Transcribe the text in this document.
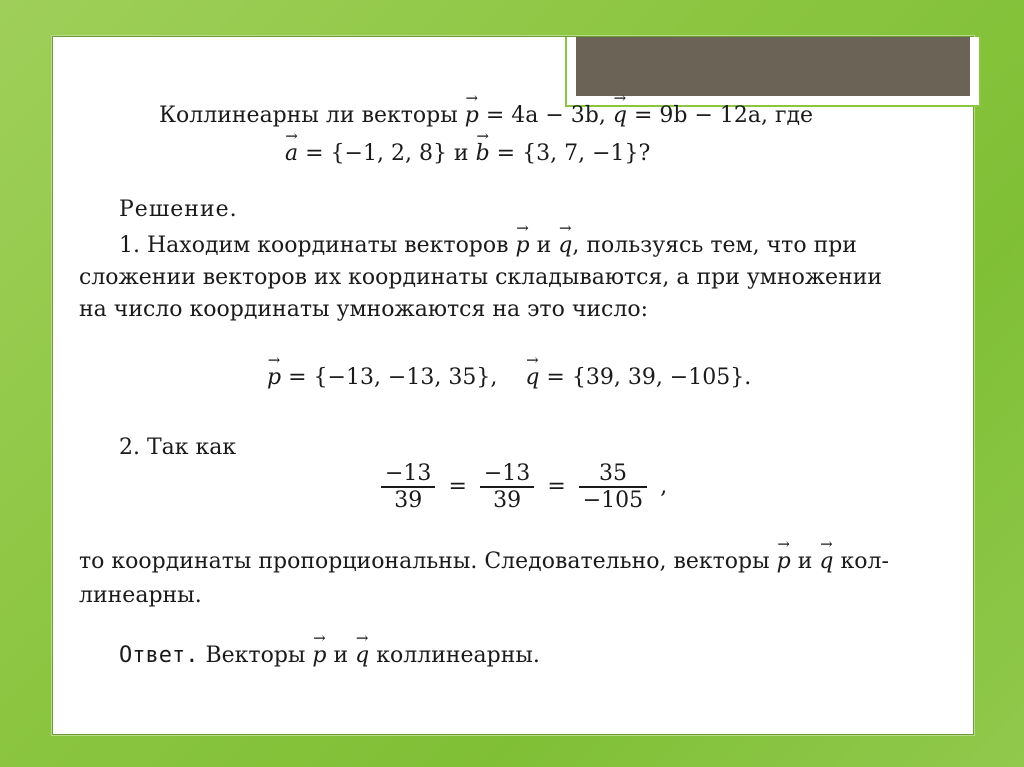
Коллинеарны ли векторы → p = 4a − 3b, → q = 9b − 12a, где
→ a = {−1, 2, 8} и → b = {3, 7, −1}?
Решение.
1. Находим координаты векторов → p и → q, пользуясь тем, что при
сложении векторов их координаты складываются, а при умножении
на число координаты умножаются на это число:
→ p = {−13, −13, 35},→ q = {39, 39, −105}.
2. Так как
$\frac{-13}{39} = \frac{-13}{39} = \frac{35}{-105}$ ,
то координаты пропорциональны. Следовательно, векторы → p и → q кол-
линеарны.
Ответ. Векторы → p и → q коллинеарны.
